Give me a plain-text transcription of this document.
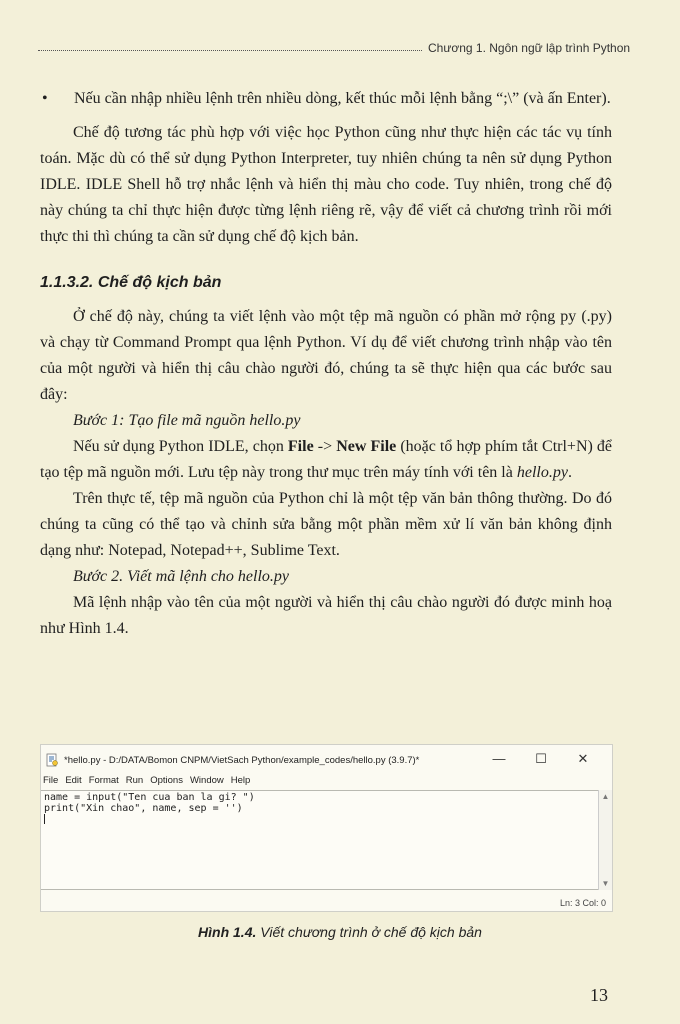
Chương 1. Ngôn ngữ lập trình Python
•	Nếu cần nhập nhiều lệnh trên nhiều dòng, kết thúc mỗi lệnh bằng “;\” (và ấn Enter).

Chế độ tương tác phù hợp với việc học Python cũng như thực hiện các tác vụ tính toán. Mặc dù có thể sử dụng Python Interpreter, tuy nhiên chúng ta nên sử dụng Python IDLE. IDLE Shell hỗ trợ nhắc lệnh và hiển thị màu cho code. Tuy nhiên, trong chế độ này chúng ta chỉ thực hiện được từng lệnh riêng rẽ, vậy để viết cả chương trình rồi mới thực thi thì chúng ta cần sử dụng chế độ kịch bản.

1.1.3.2. Chế độ kịch bản

Ở chế độ này, chúng ta viết lệnh vào một tệp mã nguồn có phần mở rộng py (.py) và chạy từ Command Prompt qua lệnh Python. Ví dụ để viết chương trình nhập vào tên của một người và hiển thị câu chào người đó, chúng ta sẽ thực hiện qua các bước sau đây:

Bước 1: Tạo file mã nguồn hello.py

Nếu sử dụng Python IDLE, chọn File -> New File (hoặc tổ hợp phím tắt Ctrl+N) để tạo tệp mã nguồn mới. Lưu tệp này trong thư mục trên máy tính với tên là hello.py.

Trên thực tế, tệp mã nguồn của Python chỉ là một tệp văn bản thông thường. Do đó chúng ta cũng có thể tạo và chỉnh sửa bằng một phần mềm xử lí văn bản không định dạng như: Notepad, Notepad++, Sublime Text.

Bước 2. Viết mã lệnh cho hello.py

Mã lệnh nhập vào tên của một người và hiển thị câu chào người đó được minh hoạ như Hình 1.4.

*hello.py - D:/DATA/Bomon CNPM/VietSach Python/example_codes/hello.py (3.9.7)*	—	☐	✕
File Edit Format Run Options Window Help
name = input("Ten cua ban la gi? ")
print("Xin chao", name, sep = '')
▲
▼
Ln: 3 Col: 0
Hình 1.4. Viết chương trình ở chế độ kịch bản
13
